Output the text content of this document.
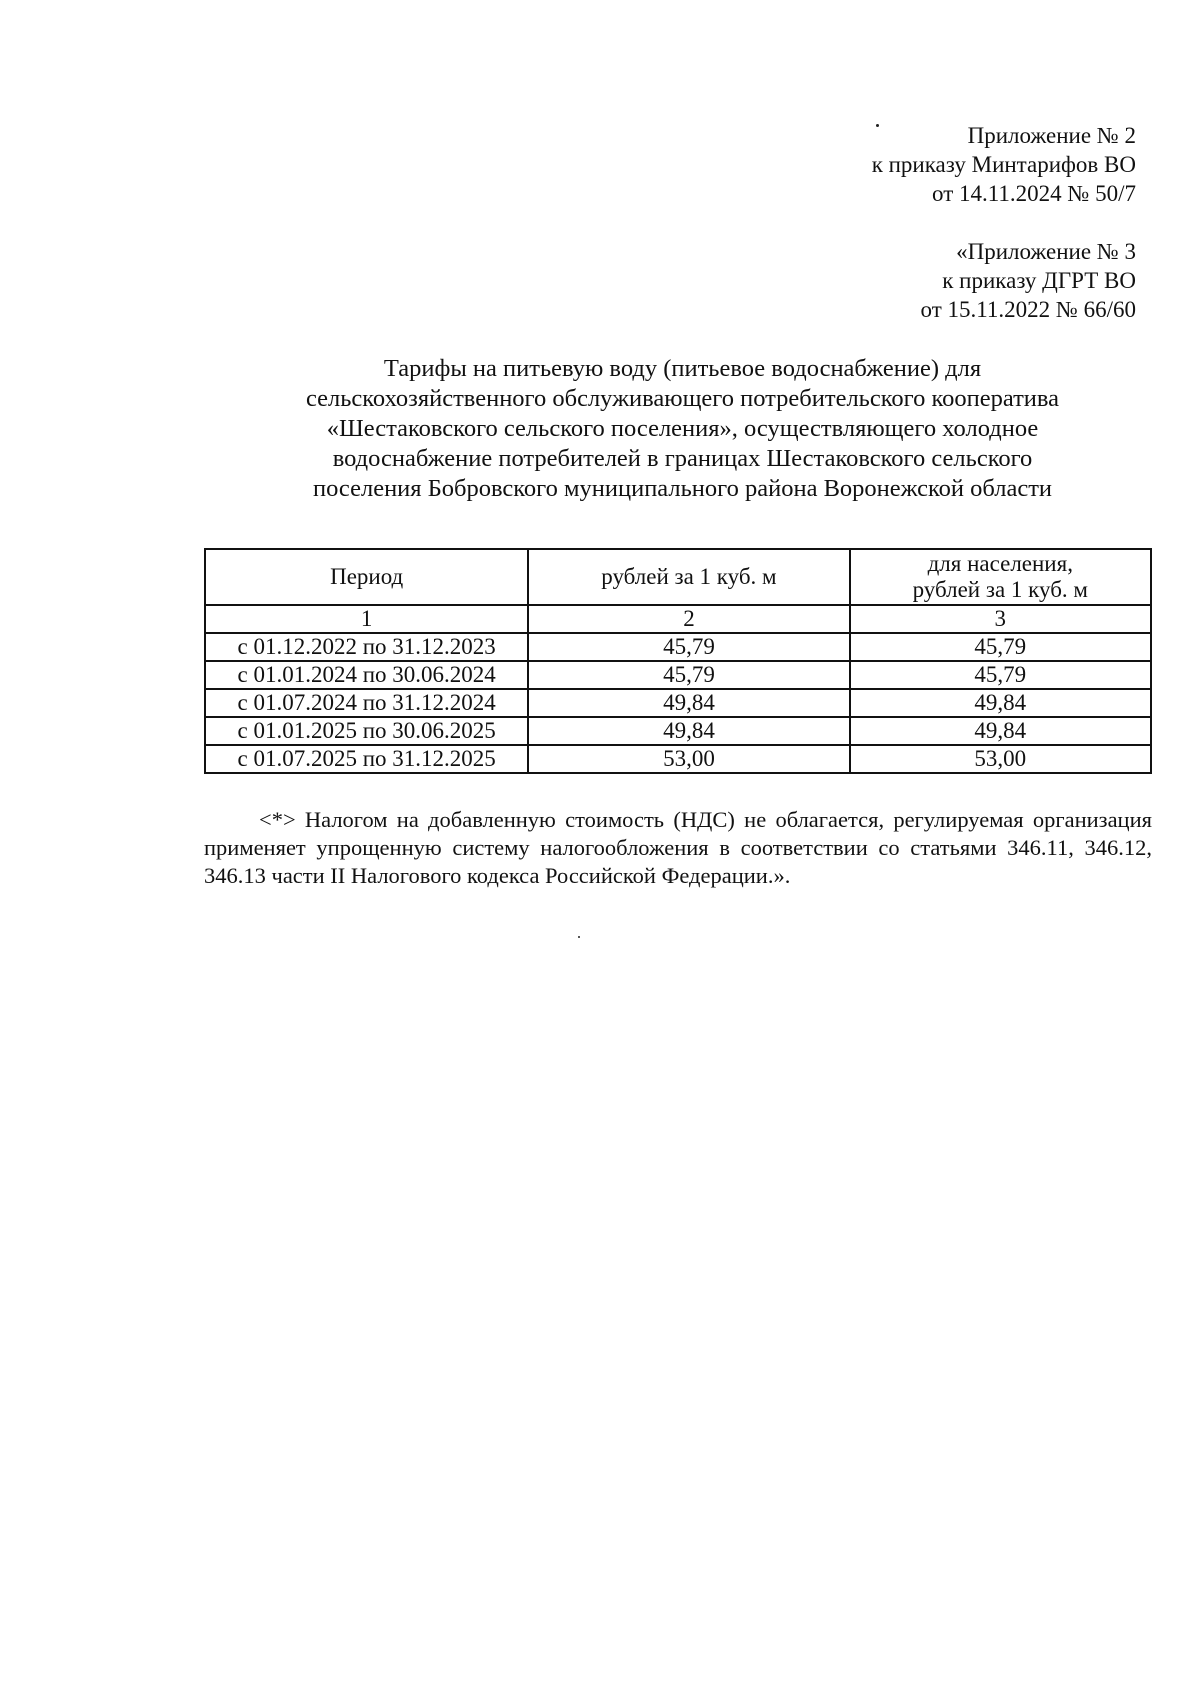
Приложение № 2
к приказу Минтарифов ВО
от 14.11.2024 № 50/7
«Приложение № 3
к приказу ДГРТ ВО
от 15.11.2022 № 66/60
Тарифы на питьевую воду (питьевое водоснабжение) для
сельскохозяйственного обслуживающего потребительского кооператива
«Шестаковского сельского поселения», осуществляющего холодное
водоснабжение потребителей в границах Шестаковского сельского
поселения Бобровского муниципального района Воронежской области
Период	рублей за 1 куб. м	для населения,
рублей за 1 куб. м

1	2	3
с 01.12.2022 по 31.12.2023	45,79	45,79
с 01.01.2024 по 30.06.2024	45,79	45,79
с 01.07.2024 по 31.12.2024	49,84	49,84
с 01.01.2025 по 30.06.2025	49,84	49,84
с 01.07.2025 по 31.12.2025	53,00	53,00
<*> Налогом на добавленную стоимость (НДС) не облагается, регулируемая организация применяет упрощенную систему налогообложения в соответствии со статьями 346.11, 346.12, 346.13 части II Налогового кодекса Российской Федерации.».
